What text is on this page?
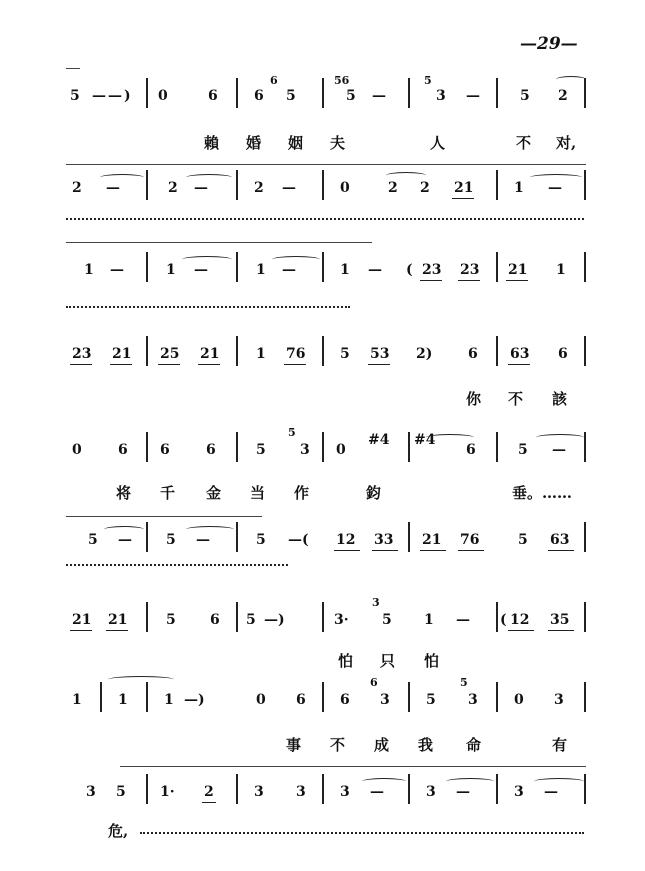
—29—
5 — — ) 0	6	6
6
5
56
5 —
5
3 —	5 2
賴 婚 姻 夫	人	不 对,
2 —	2 —	2 —	0	2 2 21	1 —
1 —	1 —	1 —	1 — ( 23 23 21 1
23 21 25 21	1 76 5 53 2)	6 63 6
你 不 該
0	6 6	6	5
5
3 0
#4 #4
6	5 —
将 千 金 当 作	鈞	垂。……
5 — 5 —	5 —( 12 33 21 76	5 63
21 21	5 6 5 —)	3·
3
5 1 — ( 12 35
怕 只 怕
1	1	1 —)	0 6
6
6 3	5
5
3	0 3
事 不 成 我 命	有
3 5 1· 2	3 3 3 —	3 —	3 —
危,
